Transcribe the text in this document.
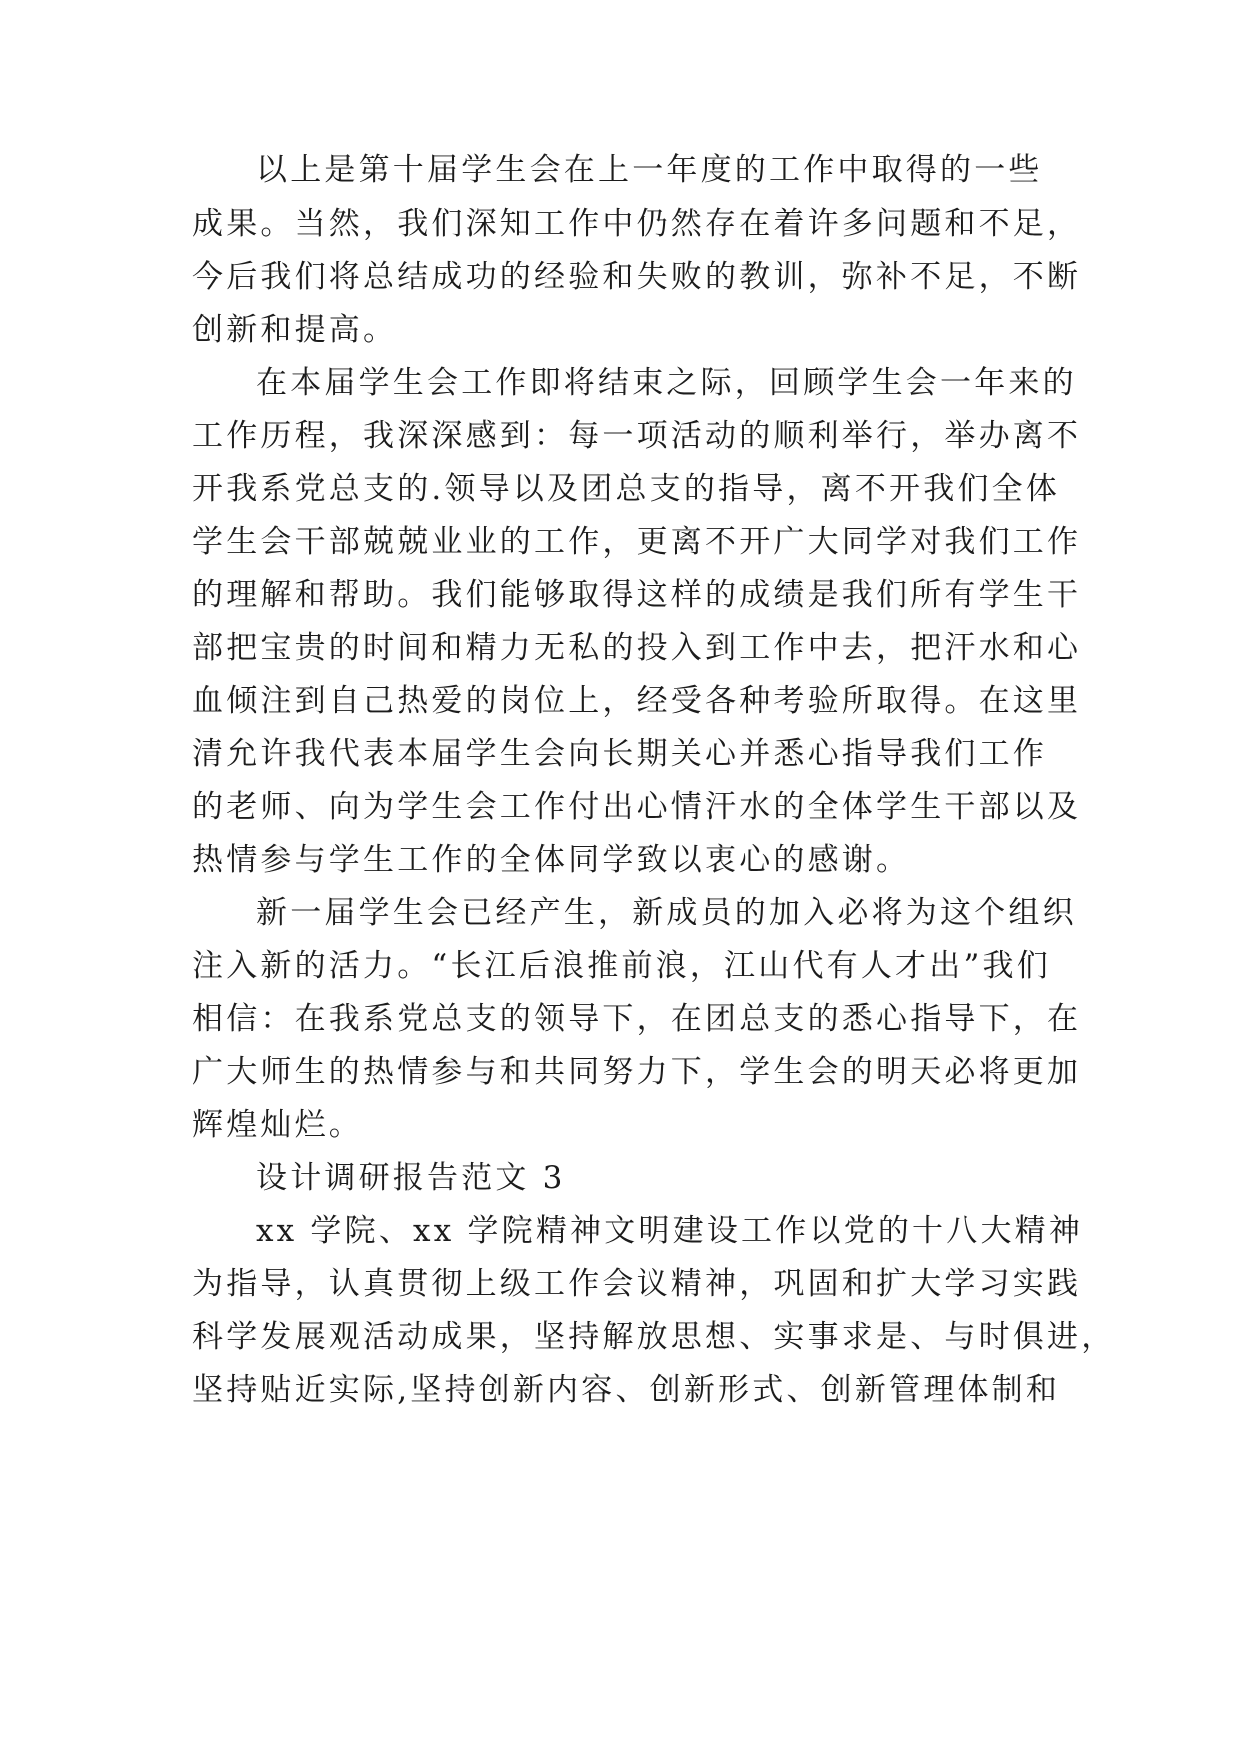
以上是第十届学生会在上一年度的工作中取得的一些
成果。当然，我们深知工作中仍然存在着许多问题和不足，
今后我们将总结成功的经验和失败的教训，弥补不足，不断
创新和提高。
在本届学生会工作即将结束之际，回顾学生会一年来的
工作历程，我深深感到：每一项活动的顺利举行，举办离不
开我系党总支的.领导以及团总支的指导，离不开我们全体
学生会干部兢兢业业的工作，更离不开广大同学对我们工作
的理解和帮助。我们能够取得这样的成绩是我们所有学生干
部把宝贵的时间和精力无私的投入到工作中去，把汗水和心
血倾注到自己热爱的岗位上，经受各种考验所取得。在这里
清允许我代表本届学生会向长期关心并悉心指导我们工作
的老师、向为学生会工作付出心情汗水的全体学生干部以及
热情参与学生工作的全体同学致以衷心的感谢。
新一届学生会已经产生，新成员的加入必将为这个组织
注入新的活力。“长江后浪推前浪，江山代有人才出”我们
相信：在我系党总支的领导下，在团总支的悉心指导下，在
广大师生的热情参与和共同努力下，学生会的明天必将更加
辉煌灿烂。
设计调研报告范文 3
xx 学院、xx 学院精神文明建设工作以党的十八大精神
为指导，认真贯彻上级工作会议精神，巩固和扩大学习实践
科学发展观活动成果，坚持解放思想、实事求是、与时俱进，
坚持贴近实际,坚持创新内容、创新形式、创新管理体制和
